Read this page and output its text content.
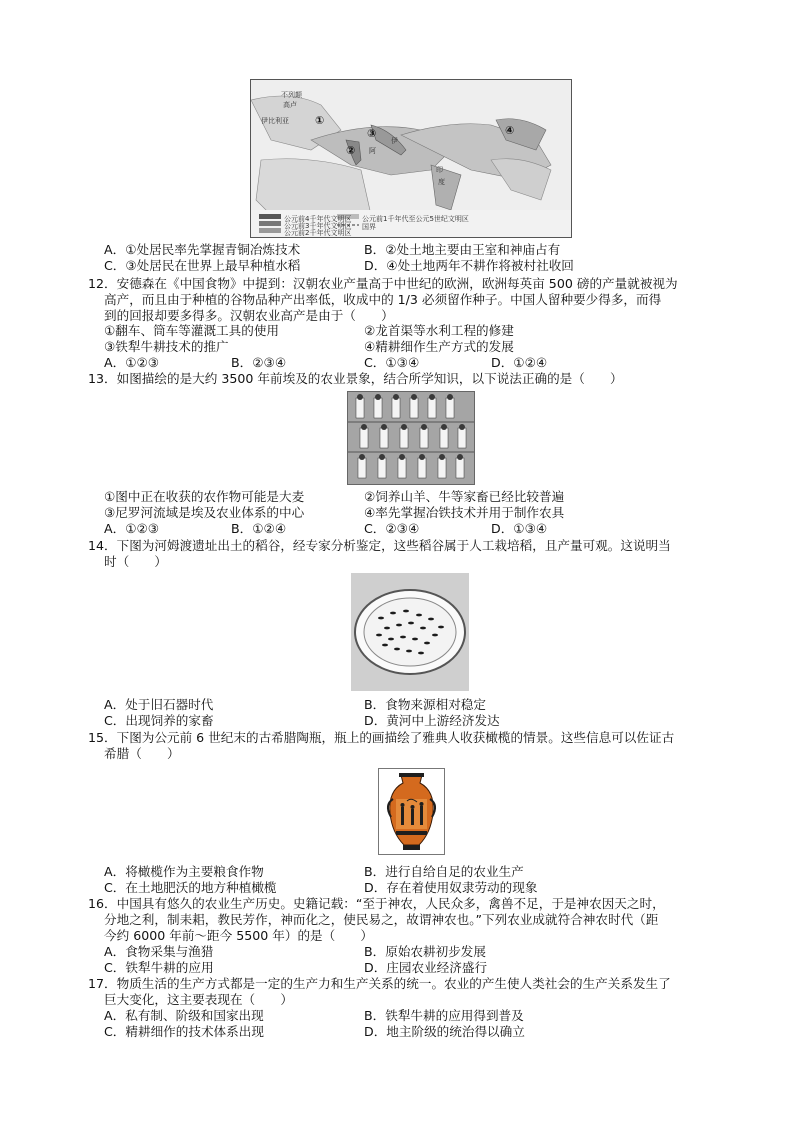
①
②
③	④
不列颠
高卢
伊比利亚
阿
伊
印
度
公元前4千年代文明区
公元前3千年代文明区
公元前2千年代文明区
公元前1千年代至公元5世纪文明区
国界
A．①处居民率先掌握青铜冶炼技术	B．②处土地主要由王室和神庙占有
C．③处居民在世界上最早种植水稻	D．④处土地两年不耕作将被村社收回
12．安德森在《中国食物》中提到：汉朝农业产量高于中世纪的欧洲，欧洲每英亩 500 磅的产量就被视为
高产，而且由于种植的谷物品种产出率低，收成中的 1/3 必须留作种子。中国人留种要少得多，而得
到的回报却要多得多。汉朝农业高产是由于（　　）
①翻车、筒车等灌溉工具的使用	②龙首渠等水利工程的修建
③铁犁牛耕技术的推广	④精耕细作生产方式的发展
A．①②③	B．②③④	C．①③④	D．①②④
13．如图描绘的是大约 3500 年前埃及的农业景象，结合所学知识，以下说法正确的是（　　）
①图中正在收获的农作物可能是大麦	②饲养山羊、牛等家畜已经比较普遍
③尼罗河流域是埃及农业体系的中心	④率先掌握冶铁技术并用于制作农具
A．①②③	B．①②④	C．②③④	D．①③④
14．下图为河姆渡遗址出土的稻谷，经专家分析鉴定，这些稻谷属于人工栽培稻，且产量可观。这说明当
时（　　）
A．处于旧石器时代	B．食物来源相对稳定
C．出现饲养的家畜	D．黄河中上游经济发达
15．下图为公元前 6 世纪末的古希腊陶瓶，瓶上的画描绘了雅典人收获橄榄的情景。这些信息可以佐证古
希腊（　　）
A．将橄榄作为主要粮食作物	B．进行自给自足的农业生产
C．在土地肥沃的地方种植橄榄	D．存在着使用奴隶劳动的现象
16．中国具有悠久的农业生产历史。史籍记载：“至于神农，人民众多，禽兽不足，于是神农因天之时，
分地之利，制耒耜，教民芳作，神而化之，使民易之，故谓神农也。”下列农业成就符合神农时代（距
今约 6000 年前～距今 5500 年）的是（　　）
A．食物采集与渔猎	B．原始农耕初步发展
C．铁犁牛耕的应用	D．庄园农业经济盛行
17．物质生活的生产方式都是一定的生产力和生产关系的统一。农业的产生使人类社会的生产关系发生了
巨大变化，这主要表现在（　　）
A．私有制、阶级和国家出现	B．铁犁牛耕的应用得到普及
C．精耕细作的技术体系出现	D．地主阶级的统治得以确立
